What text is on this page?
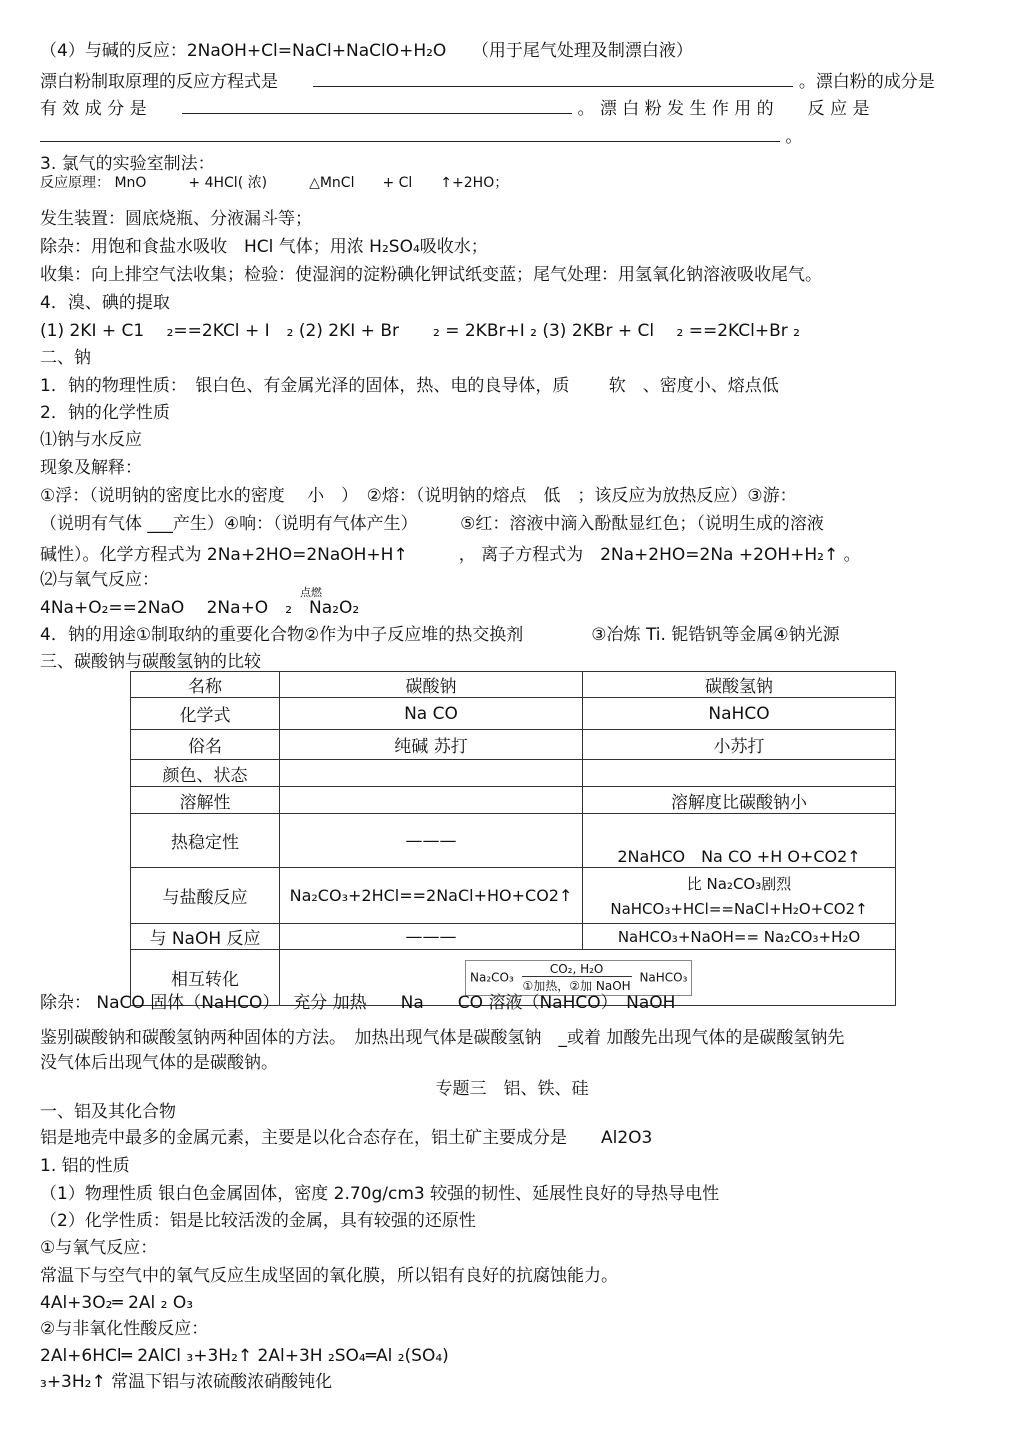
（4）与碱的反应：2NaOH+Cl=NaCl+NaClO+H₂O　　（用于尾气处理及制漂白液）
漂白粉制取原理的反应方程式是	。漂白粉的成分是
有 效 成 分 是	。 漂 白 粉 发 生 作 用 的　　反 应 是
。
3. 氯气的实验室制法：
反应原理： MnO　　　+ 4HCl( 浓)　　　△MnCl　　+ Cl　　↑+2HO；
发生装置：圆底烧瓶、分液漏斗等；
除杂：用饱和食盐水吸收　HCl 气体；用浓 H₂SO₄吸收水；
收集：向上排空气法收集；检验：使湿润的淀粉碘化钾试纸变蓝；尾气处理：用氢氧化钠溶液吸收尾气。
4．溴、碘的提取
(1) 2KI + C1　 ₂==2KCl + I　₂ (2) 2KI + Br　　₂ = 2KBr+I ₂ (3) 2KBr + Cl　 ₂ ==2KCl+Br ₂
二、钠
1．钠的物理性质：　银白色、有金属光泽的固体，热、电的良导体，质　　 软　、密度小、熔点低
2．钠的化学性质
⑴钠与水反应
现象及解释：
①浮：（说明钠的密度比水的密度　 小　）　②熔：（说明钠的熔点　低　；该反应为放热反应）③游：
（说明有气体 ___产生）④响：（说明有气体产生）　　　⑤红：溶液中滴入酚酞显红色；（说明生成的溶液
碱性）。化学方程式为 2Na+2HO=2NaOH+H↑　　　， 离子方程式为　2Na+2HO=2Na +2OH+H₂↑ 。
⑵与氧气反应：
4Na+O₂==2NaO　 2Na+O　₂　Na₂O₂
点燃
4．钠的用途①制取纳的重要化合物②作为中子反应堆的热交换剂　　　　③冶炼 Ti. 铌锆钒等金属④钠光源
三、碳酸钠与碳酸氢钠的比较
名称	碳酸钠	碳酸氢钠
化学式	Na CO	NaHCO
俗名	纯碱 苏打	小苏打
颜色、状态		
溶解性		溶解度比碳酸钠小
热稳定性	———	2NaHCO　Na CO +H O+CO2↑
与盐酸反应	Na₂CO₃+2HCl==2NaCl+HO+CO2↑	比 Na₂CO₃剧烈
NaHCO₃+HCl==NaCl+H₂O+CO2↑

与 NaOH 反应	———	NaHCO₃+NaOH== Na₂CO₃+H₂O
相互转化	Na₂CO₃
CO₂, H₂O
①加热，②加 NaOH
NaHCO₃	
除杂： NaCO 固体（NaHCO）　 充分 加热　　Na　　CO 溶液（NaHCO）　NaOH
鉴别碳酸钠和碳酸氢钠两种固体的方法。　加热出现气体是碳酸氢钠　_或着 加酸先出现气体的是碳酸氢钠先
没气体后出现气体的是碳酸钠。
专题三　铝、铁、硅
一、铝及其化合物
铝是地壳中最多的金属元素，主要是以化合态存在，铝土矿主要成分是　　Al2O3
1. 铝的性质
（1）物理性质 银白色金属固体，密度 2.70g/cm3 较强的韧性、延展性良好的导热导电性
（2）化学性质：铝是比较活泼的金属，具有较强的还原性
①与氧气反应：
常温下与空气中的氧气反应生成坚固的氧化膜，所以铝有良好的抗腐蚀能力。
4Al+3O₂═ 2Al ₂ O₃
②与非氧化性酸反应：
2Al+6HCl═ 2AlCl ₃+3H₂↑ 2Al+3H ₂SO₄═Al ₂(SO₄)
₃+3H₂↑ 常温下铝与浓硫酸浓硝酸钝化
